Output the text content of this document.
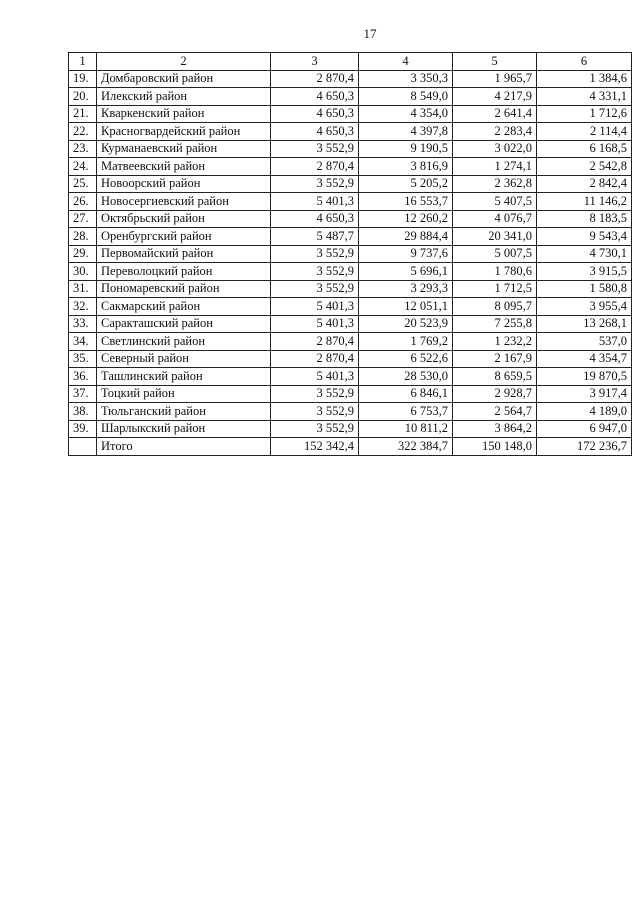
17
1	2	3	4	5	6
19.	Домбаровский район	2 870,4	3 350,3	1 965,7	1 384,6
20.	Илекский район	4 650,3	8 549,0	4 217,9	4 331,1
21.	Кваркенский район	4 650,3	4 354,0	2 641,4	1 712,6
22.	Красногвардейский район	4 650,3	4 397,8	2 283,4	2 114,4
23.	Курманаевский район	3 552,9	9 190,5	3 022,0	6 168,5
24.	Матвеевский район	2 870,4	3 816,9	1 274,1	2 542,8
25.	Новоорский район	3 552,9	5 205,2	2 362,8	2 842,4
26.	Новосергиевский район	5 401,3	16 553,7	5 407,5	11 146,2
27.	Октябрьский район	4 650,3	12 260,2	4 076,7	8 183,5
28.	Оренбургский район	5 487,7	29 884,4	20 341,0	9 543,4
29.	Первомайский район	3 552,9	9 737,6	5 007,5	4 730,1
30.	Переволоцкий район	3 552,9	5 696,1	1 780,6	3 915,5
31.	Пономаревский район	3 552,9	3 293,3	1 712,5	1 580,8
32.	Сакмарский район	5 401,3	12 051,1	8 095,7	3 955,4
33.	Саракташский район	5 401,3	20 523,9	7 255,8	13 268,1
34.	Светлинский район	2 870,4	1 769,2	1 232,2	537,0
35.	Северный район	2 870,4	6 522,6	2 167,9	4 354,7
36.	Ташлинский район	5 401,3	28 530,0	8 659,5	19 870,5
37.	Тоцкий район	3 552,9	6 846,1	2 928,7	3 917,4
38.	Тюльганский район	3 552,9	6 753,7	2 564,7	4 189,0
39.	Шарлыкский район	3 552,9	10 811,2	3 864,2	6 947,0
	Итого	152 342,4	322 384,7	150 148,0	172 236,7
